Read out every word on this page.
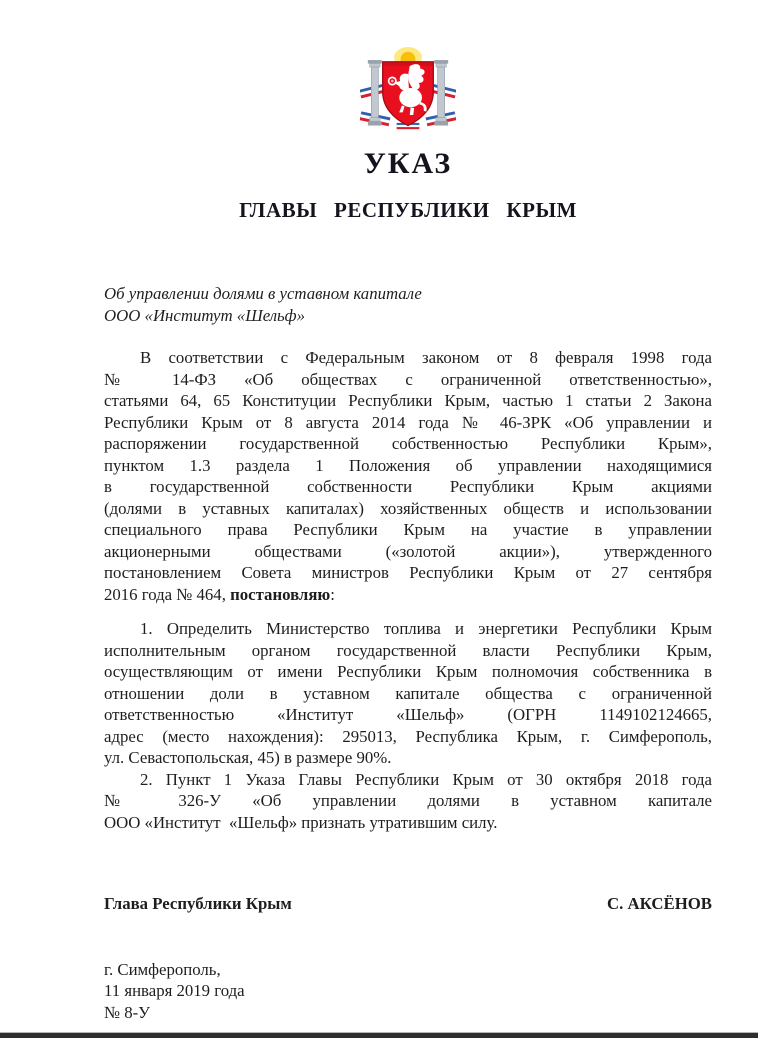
УКАЗ
ГЛАВЫ РЕСПУБЛИКИ КРЫМ
Об управлении долями в уставном капитале
ООО «Институт «Шельф»
В соответствии с Федеральным законом от 8 февраля 1998 года
№ 14-ФЗ «Об обществах с ограниченной ответственностью»,
статьями 64, 65 Конституции Республики Крым, частью 1 статьи 2 Закона
Республики Крым от 8 августа 2014 года № 46-ЗРК «Об управлении и
распоряжении государственной собственностью Республики Крым»,
пунктом 1.3 раздела 1 Положения об управлении находящимися
в государственной собственности Республики Крым акциями
(долями в уставных капиталах) хозяйственных обществ и использовании
специального права Республики Крым на участие в управлении
акционерными обществами («золотой акции»), утвержденного
постановлением Совета министров Республики Крым от 27 сентября
2016 года № 464, постановляю:
1. Определить Министерство топлива и энергетики Республики Крым
исполнительным органом государственной власти Республики Крым,
осуществляющим от имени Республики Крым полномочия собственника в
отношении доли в уставном капитале общества с ограниченной
ответственностью «Институт «Шельф» (ОГРН 1149102124665,
адрес (место нахождения): 295013, Республика Крым, г. Симферополь,
ул. Севастопольская, 45) в размере 90%.
2. Пункт 1 Указа Главы Республики Крым от 30 октября 2018 года
№ 326-У «Об управлении долями в уставном капитале
ООО «Институт  «Шельф» признать утратившим силу.
Глава Республики Крым	С. АКСЁНОВ
г. Симферополь,
11 января 2019 года
№ 8-У
